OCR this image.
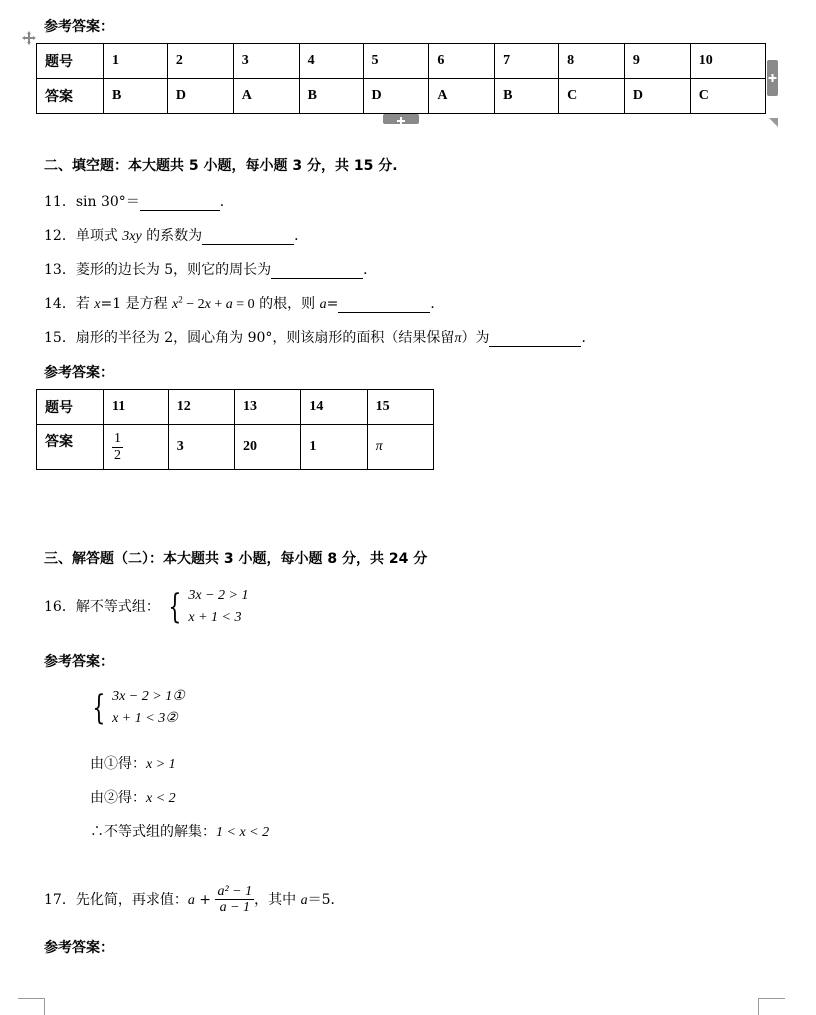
参考答案：
题号	1	2	3	4	5	6	7	8	9	10
答案	B	D	A	B	D	A	B	C	D	C
二、填空题：本大题共 5 小题，每小题 3 分，共 15 分.
11．sin 30°＝	．
12．单项式 3xy 的系数为	．
13．菱形的边长为 5，则它的周长为	．
14．若 x=1 是方程 $x^2 - 2x + a = 0$ 的根，则 a=	．
15．扇形的半径为 2，圆心角为 90°，则该扇形的面积（结果保留π）为	．
参考答案：
题号	11	12	13	14	15
答案	$\frac{1}{2}$	3	20	1	π
三、解答题（二）：本大题共 3 小题，每小题 8 分，共 24 分
16．解不等式组： { 3x − 2 > 1
x + 1 < 3
参考答案：
{ 3x − 2 > 1①
x + 1 < 3②
由①得：x > 1
由②得：x < 2
∴不等式组的解集：1 < x < 2
17．先化简，再求值：$a + \frac{\text{a² − 1}}{a - 1}$ ，其中 a＝5．
参考答案：
